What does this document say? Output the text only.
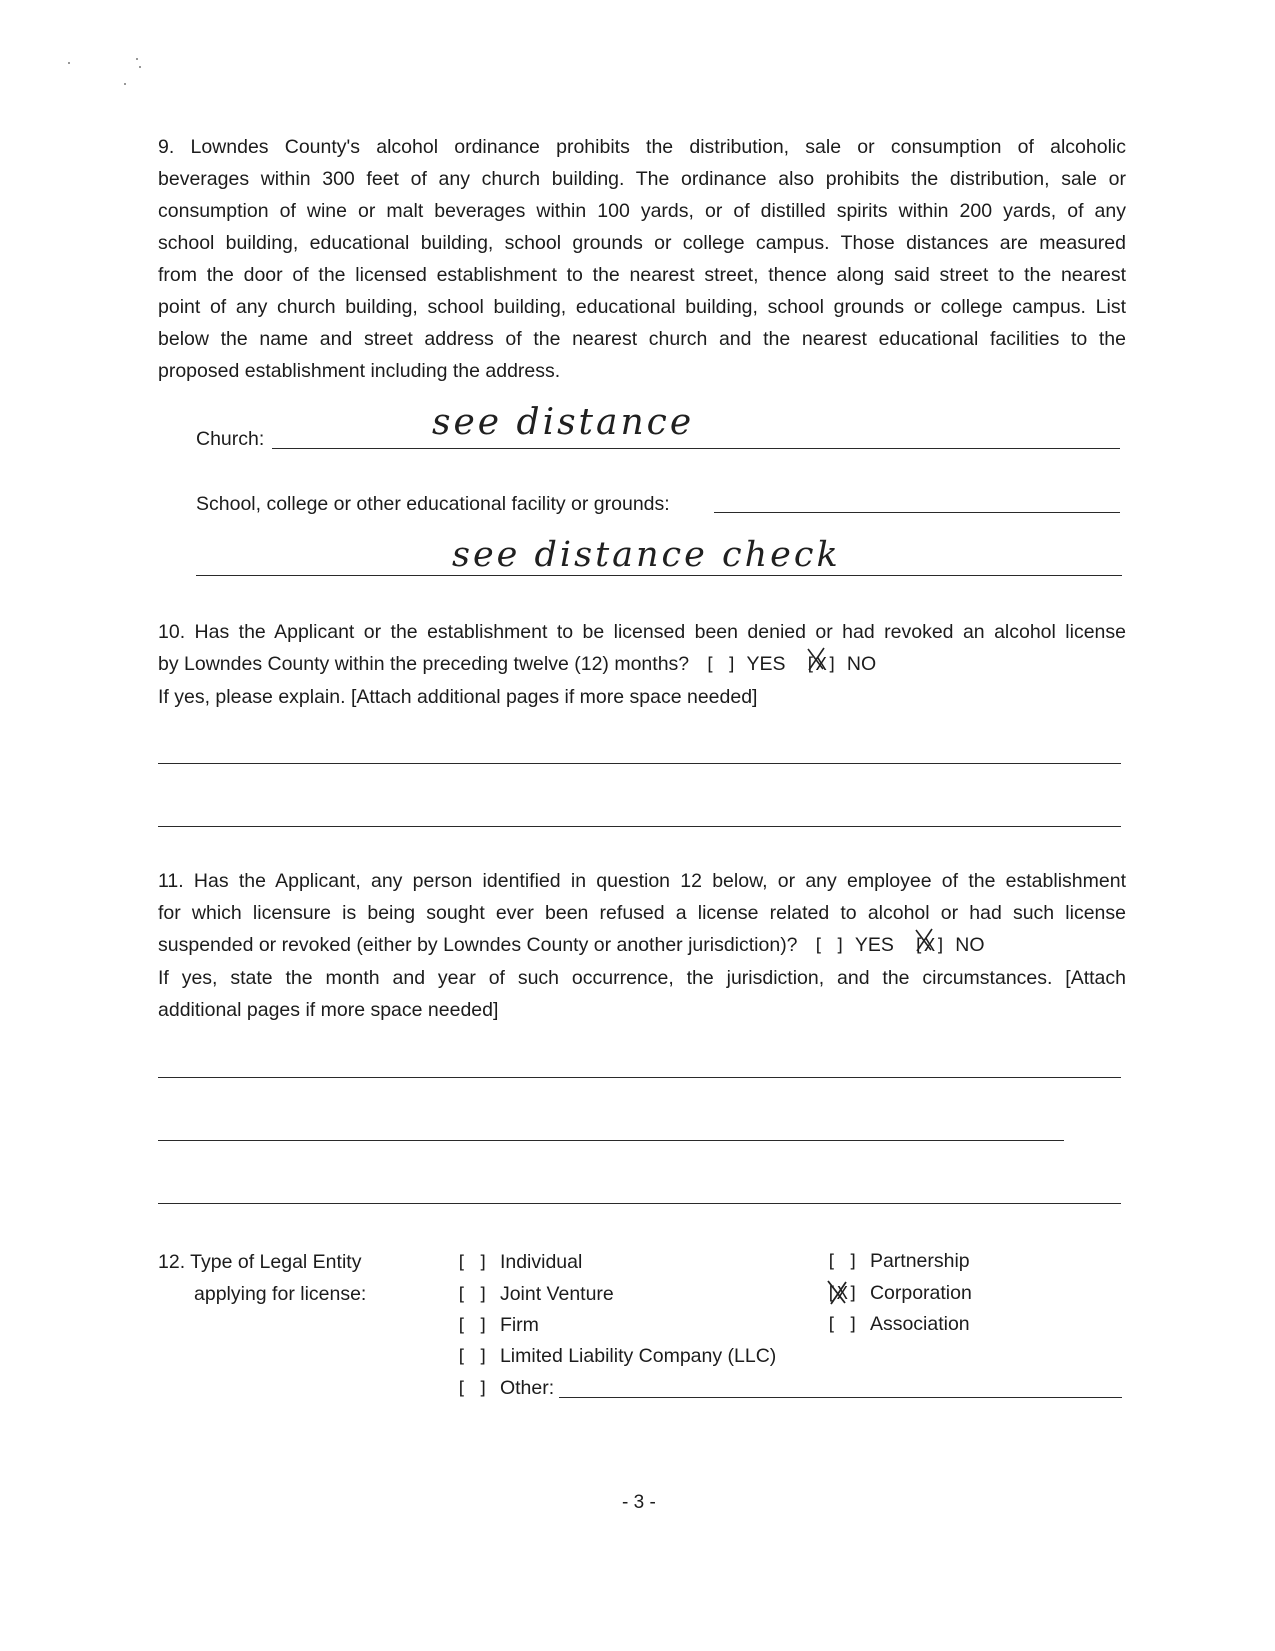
9. Lowndes County's alcohol ordinance prohibits the distribution, sale or consumption of alcoholic
beverages within 300 feet of any church building. The ordinance also prohibits the distribution, sale or
consumption of wine or malt beverages within 100 yards, or of distilled spirits within 200 yards, of any
school building, educational building, school grounds or college campus. Those distances are measured
from the door of the licensed establishment to the nearest street, thence along said street to the nearest
point of any church building, school building, educational building, school grounds or college campus. List
below the name and street address of the nearest church and the nearest educational facilities to the
proposed establishment including the address.
Church:	see distance
School, college or other educational facility or grounds:
see distance check
10. Has the Applicant or the establishment to be licensed been denied or had revoked an alcohol license
by Lowndes County within the preceding twelve (12) months? [ ] YES [X] NO
If yes, please explain. [Attach additional pages if more space needed]
11. Has the Applicant, any person identified in question 12 below, or any employee of the establishment
for which licensure is being sought ever been refused a license related to alcohol or had such license
suspended or revoked (either by Lowndes County or another jurisdiction)? [ ] YES [X] NO
If yes, state the month and year of such occurrence, the jurisdiction, and the circumstances. [Attach
additional pages if more space needed]
12. Type of Legal Entity
applying for license:
[ ] Individual
[ ] Joint Venture
[ ] Firm
[ ] Limited Liability Company (LLC)
[ ] Other:
[ ] Partnership
[X] Corporation
[ ] Association
- 3 -
